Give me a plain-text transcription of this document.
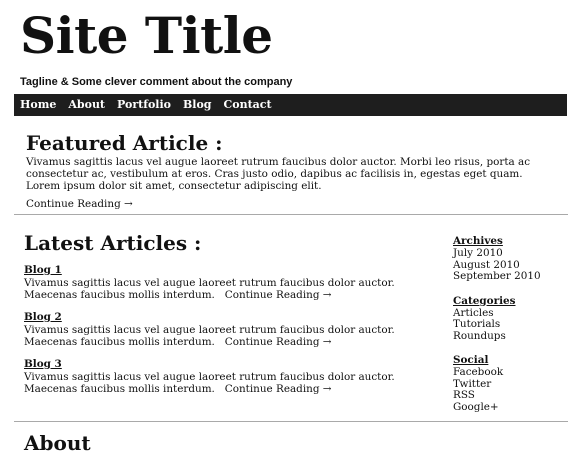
Site Title

Tagline & Some clever comment about the company

Home About Portfolio Blog Contact
Featured Article :

Vivamus sagittis lacus vel augue laoreet rutrum faucibus dolor auctor. Morbi leo risus, porta ac consectetur ac, vestibulum at eros. Cras justo odio, dapibus ac facilisis in, egestas eget quam. Lorem ipsum dolor sit amet, consectetur adipiscing elit.

Continue Reading →
Latest Articles :
Blog 1

Vivamus sagittis lacus vel augue laoreet rutrum faucibus dolor auctor. Maecenas faucibus mollis interdum. Continue Reading →

Blog 2

Vivamus sagittis lacus vel augue laoreet rutrum faucibus dolor auctor. Maecenas faucibus mollis interdum. Continue Reading →

Blog 3

Vivamus sagittis lacus vel augue laoreet rutrum faucibus dolor auctor. Maecenas faucibus mollis interdum. Continue Reading →

Archives
July 2010
August 2010
September 2010
Categories
Articles
Tutorials
Roundups
Social
Facebook
Twitter
RSS
Google+
About
